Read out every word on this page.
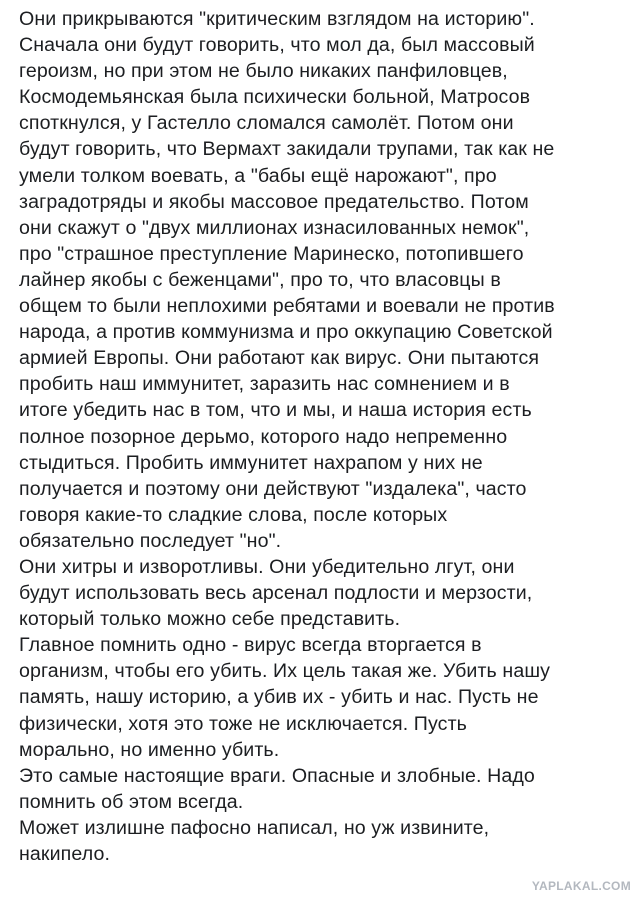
Они прикрываются "критическим взглядом на историю".
Сначала они будут говорить, что мол да, был массовый
героизм, но при этом не было никаких панфиловцев,
Космодемьянская была психически больной, Матросов
споткнулся, у Гастелло сломался самолёт. Потом они
будут говорить, что Вермахт закидали трупами, так как не
умели толком воевать, а "бабы ещё нарожают", про
заградотряды и якобы массовое предательство. Потом
они скажут о "двух миллионах изнасилованных немок",
про "страшное преступление Маринеско, потопившего
лайнер якобы с беженцами", про то, что власовцы в
общем то были неплохими ребятами и воевали не против
народа, а против коммунизма и про оккупацию Советской
армией Европы. Они работают как вирус. Они пытаются
пробить наш иммунитет, заразить нас сомнением и в
итоге убедить нас в том, что и мы, и наша история есть
полное позорное дерьмо, которого надо непременно
стыдиться. Пробить иммунитет нахрапом у них не
получается и поэтому они действуют "издалека", часто
говоря какие-то сладкие слова, после которых
обязательно последует "но".

Они хитры и изворотливы. Они убедительно лгут, они
будут использовать весь арсенал подлости и мерзости,
который только можно себе представить.

Главное помнить одно - вирус всегда вторгается в
организм, чтобы его убить. Их цель такая же. Убить нашу
память, нашу историю, а убив их - убить и нас. Пусть не
физически, хотя это тоже не исключается. Пусть
морально, но именно убить.

Это самые настоящие враги. Опасные и злобные. Надо
помнить об этом всегда.

Может излишне пафосно написал, но уж извините,
накипело.

YAPLAKAL.COM
